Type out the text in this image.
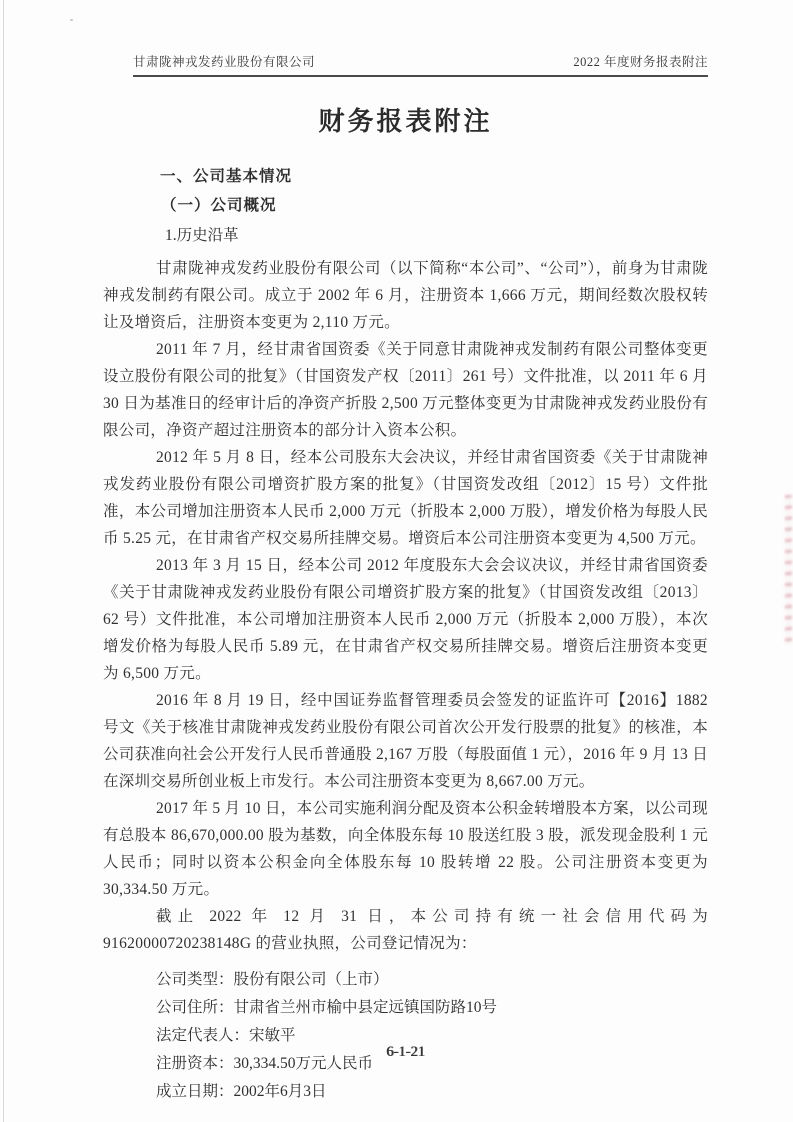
甘肃陇神戎发药业股份有限公司	2022 年度财务报表附注
财务报表附注
一、公司基本情况
（一）公司概况
1.历史沿革

甘肃陇神戎发药业股份有限公司（以下简称“本公司”、“公司”），前身为甘肃陇神戎发制药有限公司。成立于 2002 年 6 月，注册资本 1,666 万元，期间经数次股权转让及增资后，注册资本变更为 2,110 万元。

2011 年 7 月，经甘肃省国资委《关于同意甘肃陇神戎发制药有限公司整体变更设立股份有限公司的批复》（甘国资发产权〔2011〕261 号）文件批准，以 2011 年 6 月 30 日为基准日的经审计后的净资产折股 2,500 万元整体变更为甘肃陇神戎发药业股份有限公司，净资产超过注册资本的部分计入资本公积。

2012 年 5 月 8 日，经本公司股东大会决议，并经甘肃省国资委《关于甘肃陇神戎发药业股份有限公司增资扩股方案的批复》（甘国资发改组〔2012〕15 号）文件批准，本公司增加注册资本人民币 2,000 万元（折股本 2,000 万股），增发价格为每股人民币 5.25 元，在甘肃省产权交易所挂牌交易。增资后本公司注册资本变更为 4,500 万元。

2013 年 3 月 15 日，经本公司 2012 年度股东大会会议决议，并经甘肃省国资委《关于甘肃陇神戎发药业股份有限公司增资扩股方案的批复》（甘国资发改组〔2013〕62 号）文件批准，本公司增加注册资本人民币 2,000 万元（折股本 2,000 万股），本次增发价格为每股人民币 5.89 元，在甘肃省产权交易所挂牌交易。增资后注册资本变更为 6,500 万元。

2016 年 8 月 19 日，经中国证券监督管理委员会签发的证监许可【2016】1882 号文《关于核准甘肃陇神戎发药业股份有限公司首次公开发行股票的批复》的核准，本公司获准向社会公开发行人民币普通股 2,167 万股（每股面值 1 元），2016 年 9 月 13 日在深圳交易所创业板上市发行。本公司注册资本变更为 8,667.00 万元。

2017 年 5 月 10 日，本公司实施利润分配及资本公积金转增股本方案，以公司现有总股本 86,670,000.00 股为基数，向全体股东每 10 股送红股 3 股，派发现金股利 1 元人民币；同时以资本公积金向全体股东每 10 股转增 22 股。公司注册资本变更为 30,334.50 万元。

截止 2022 年 12 月 31 日，本公司持有统一社会信用代码为 91620000720238148G 的营业执照，公司登记情况为：

公司类型：股份有限公司（上市）
公司住所：甘肃省兰州市榆中县定远镇国防路10号
法定代表人：宋敏平
注册资本：30,334.50万元人民币
成立日期：2002年6月3日
6-1-21
